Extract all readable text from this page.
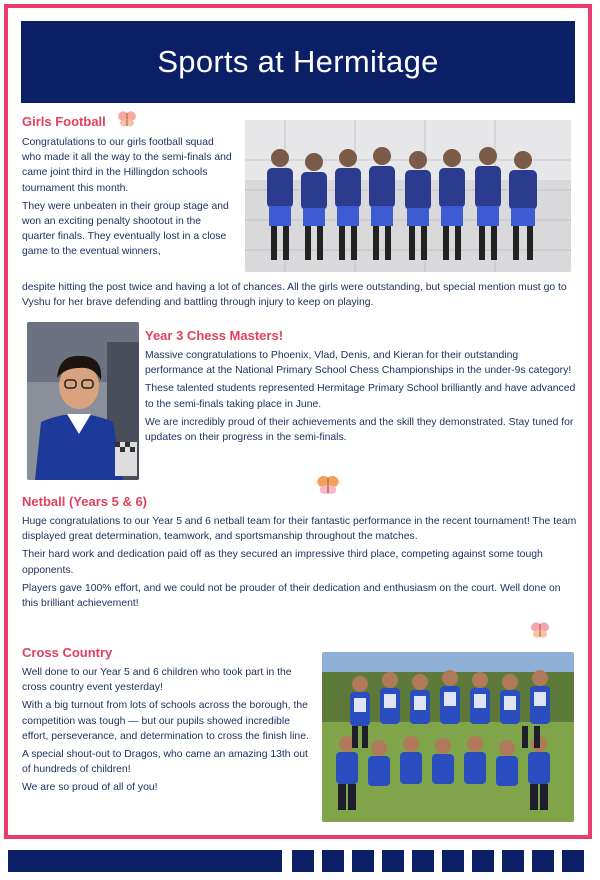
Sports at Hermitage
Girls Football

Congratulations to our girls football squad who made it all the way to the semi-finals and came joint third in the Hillingdon schools tournament this month.

They were unbeaten in their group stage and won an exciting penalty shootout in the quarter finals. They eventually lost in a close game to the eventual winners,

despite hitting the post twice and having a lot of chances. All the girls were outstanding, but special mention must go to Vyshu for her brave defending and battling through injury to keep on playing.

Year 3 Chess Masters!

Massive congratulations to Phoenix, Vlad, Denis, and Kieran for their outstanding performance at the National Primary School Chess Championships in the under-9s category!

These talented students represented Hermitage Primary School brilliantly and have advanced to the semi-finals taking place in June.

We are incredibly proud of their achievements and the skill they demonstrated. Stay tuned for updates on their progress in the semi-finals.

Netball (Years 5 & 6)

Huge congratulations to our Year 5 and 6 netball team for their fantastic performance in the recent tournament! The team displayed great determination, teamwork, and sportsmanship throughout the matches.

Their hard work and dedication paid off as they secured an impressive third place, competing against some tough opponents.

Players gave 100% effort, and we could not be prouder of their dedication and enthusiasm on the court. Well done on this brilliant achievement!

Cross Country

Well done to our Year 5 and 6 children who took part in the cross country event yesterday!

With a big turnout from lots of schools across the borough, the competition was tough — but our pupils showed incredible effort, perseverance, and determination to cross the finish line.

A special shout-out to Dragos, who came an amazing 13th out of hundreds of children!

We are so proud of all of you!
